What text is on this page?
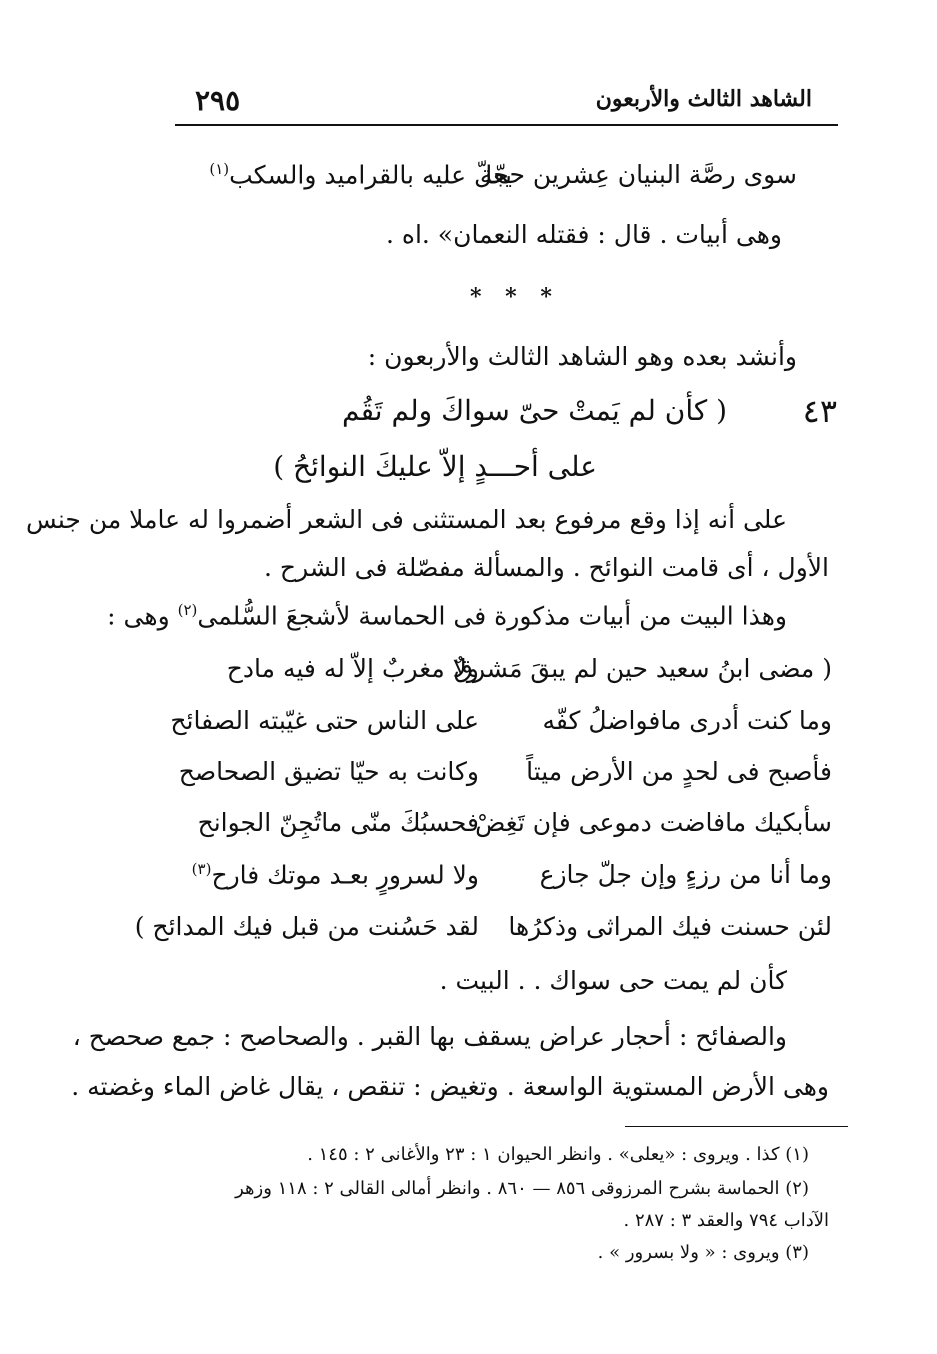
الشاهد الثالث والأربعون
٢٩٥
سوى رصَّة البنيان عِشرين حجّة
يعلّ عليه بالقراميد والسكب$^{(١)}$
وهى أبيات . قال : فقتله النعمان» .اه .
* * *
وأنشد بعده وهو الشاهد الثالث والأربعون :
٤٣
( كأن لم يَمتْ حىّ سواكَ ولم تَقُم
على أحـــدٍ إلاّ عليكَ النوائحُ )
على أنه إذا وقع مرفوع بعد المستثنى فى الشعر أضمروا له عاملا من جنس
الأول ، أى قامت النوائح . والمسألة مفصّلة فى الشرح .
وهذا البيت من أبيات مذكورة فى الحماسة لأشجعَ السُّلمى$^{(٢)}$ وهى :
( مضى ابنُ سعيد حين لم يبقَ مَشرقٌ
وما كنت أدرى مافواضلُ كفّه
فأصبح فى لحدٍ من الأرض ميتاً
سأبكيك مافاضت دموعى فإن تَغِضْ
وما أنا من رزءٍ وإن جلّ جازع
لئن حسنت فيك المراثى وذكرُها
ولا مغربٌ إلاّ له فيه مادح
على الناس حتى غيّبته الصفائح
وكانت به حيّا تضيق الصحاصح
فحسبُكَ منّى ماتُجِنّ الجوانح
ولا لسرورٍ بعـد موتك فارح$^{(٣)}$
لقد حَسُنت من قبل فيك المدائح )
كأن لم يمت حى سواك . . البيت .
والصفائح : أحجار عراض يسقف بها القبر . والصحاصح : جمع صحصح ،
وهى الأرض المستوية الواسعة . وتغيض : تنقص ، يقال غاض الماء وغضته .
(١) كذا . ويروى : «يعلى» . وانظر الحيوان ١ : ٢٣ والأغانى ٢ : ١٤٥ .
(٢) الحماسة بشرح المرزوقى ٨٥٦ — ٨٦٠ . وانظر أمالى القالى ٢ : ١١٨ وزهر
الآداب ٧٩٤ والعقد ٣ : ٢٨٧ .
(٣) ويروى : « ولا بسرور » .
